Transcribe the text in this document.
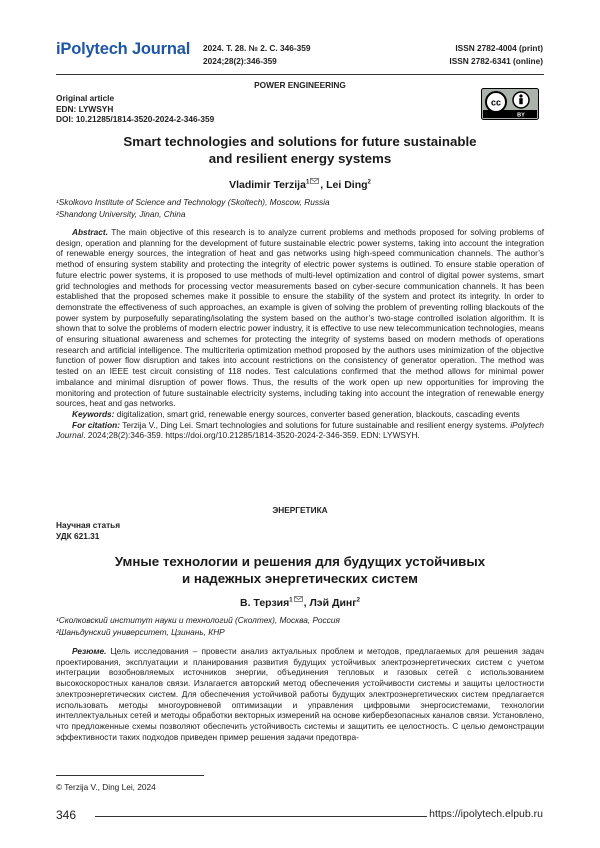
iPolytech Journal 2024. Т. 28. № 2. С. 346-359
2024;28(2):346-359
ISSN 2782-4004 (print)
ISSN 2782-6341 (online)
POWER ENGINEERING
Original article
EDN: LYWSYH
DOI: 10.21285/1814-3520-2024-2-346-359
cc
BY
Smart technologies and solutions for future sustainable
and resilient energy systems
Vladimir Terzija$^1$ , Lei Ding$^2$
¹Skolkovo Institute of Science and Technology (Skoltech), Moscow, Russia
²Shandong University, Jinan, China

Abstract. The main objective of this research is to analyze current problems and methods proposed for solving problems of design, operation and planning for the development of future sustainable electric power systems, taking into account the integration of renewable energy sources, the integration of heat and gas networks using high-speed communication channels. The author’s method of ensuring system stability and protecting the integrity of electric power systems is outlined. To ensure stable operation of future electric power systems, it is proposed to use methods of multi-level optimization and control of digital power systems, smart grid technologies and methods for processing vector measurements based on cyber-secure communication channels. It has been established that the proposed schemes make it possible to ensure the stability of the system and protect its integrity. In order to demonstrate the effectiveness of such approaches, an example is given of solving the problem of preventing rolling blackouts of the power system by purposefully separating/isolating the system based on the author’s two-stage controlled isolation algorithm. It is shown that to solve the problems of modern electric power industry, it is effective to use new telecommunication technologies, means of ensuring situational awareness and schemes for protecting the integrity of systems based on modern methods of operations research and artificial intelligence. The multicriteria optimization method proposed by the authors uses minimization of the objective function of power flow disruption and takes into account restrictions on the consistency of generator operation. The method was tested on an IEEE test circuit consisting of 118 nodes. Test calculations confirmed that the method allows for minimal power imbalance and minimal disruption of power flows. Thus, the results of the work open up new opportunities for improving the monitoring and protection of future sustainable electricity systems, including taking into account the integration of renewable energy sources, heat and gas networks.

Keywords: digitalization, smart grid, renewable energy sources, converter based generation, blackouts, cascading events

For citation: Terzija V., Ding Lei. Smart technologies and solutions for future sustainable and resilient energy systems. iPolytech Journal. 2024;28(2):346-359. https://doi.org/10.21285/1814-3520-2024-2-346-359. EDN: LYWSYH.

ЭНЕРГЕТИКА
Научная статья
УДК 621.31
Умные технологии и решения для будущих устойчивых
и надежных энергетических систем
В. Терзия$^1$ , Лэй Динг$^2$
¹Сколковский институт науки и технологий (Сколтех), Москва, Россия
²Шаньдунский университет, Цзинань, КНР

Резюме. Цель исследования – провести анализ актуальных проблем и методов, предлагаемых для решения задач проектирования, эксплуатации и планирования развития будущих устойчивых электроэнергетических систем с учетом интеграции возобновляемых источников энергии, объединения тепловых и газовых сетей с использованием высокоскоростных каналов связи. Излагается авторский метод обеспечения устойчивости системы и защиты целостности электроэнергетических систем. Для обеспечения устойчивой работы будущих электроэнергетических систем предлагается использовать методы многоуровневой оптимизации и управления цифровыми энергосистемами, технологии интеллектуальных сетей и методы обработки векторных измерений на основе кибербезопасных каналов связи. Установлено, что предложенные схемы позволяют обеспечить устойчивость системы и защитить ее целостность. С целью демонстрации эффективности таких подходов приведен пример решения задачи предотвра-

© Terzija V., Ding Lei, 2024
346	https://ipolytech.elpub.ru
